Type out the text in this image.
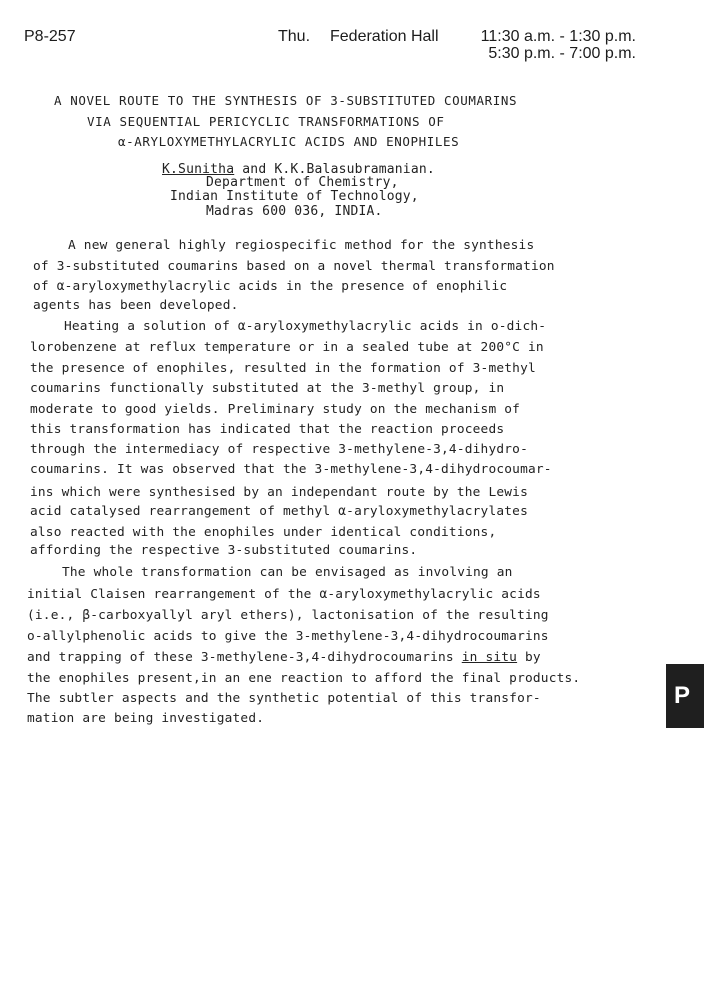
P8-257	Thu. Federation Hall	11:30 a.m. - 1:30 p.m.
5:30 p.m. - 7:00 p.m.
A NOVEL ROUTE TO THE SYNTHESIS OF 3-SUBSTITUTED COUMARINS
VIA SEQUENTIAL PERICYCLIC TRANSFORMATIONS OF
α-ARYLOXYMETHYLACRYLIC ACIDS AND ENOPHILES
K.Sunitha and K.K.Balasubramanian.
Department of Chemistry,
Indian Institute of Technology,
Madras 600 036, INDIA.
A new general highly regiospecific method for the synthesis
of 3-substituted coumarins based on a novel thermal transformation
of α-aryloxymethylacrylic acids in the presence of enophilic
agents has been developed.
Heating a solution of α-aryloxymethylacrylic acids in o-dich-
lorobenzene at reflux temperature or in a sealed tube at 200°C in
the presence of enophiles, resulted in the formation of 3-methyl
coumarins functionally substituted at the 3-methyl group, in
moderate to good yields. Preliminary study on the mechanism of
this transformation has indicated that the reaction proceeds
through the intermediacy of respective 3-methylene-3,4-dihydro-
coumarins. It was observed that the 3-methylene-3,4-dihydrocoumar-
ins which were synthesised by an independant route by the Lewis
acid catalysed rearrangement of methyl α-aryloxymethylacrylates
also reacted with the enophiles under identical conditions,
affording the respective 3-substituted coumarins.
The whole transformation can be envisaged as involving an
initial Claisen rearrangement of the α-aryloxymethylacrylic acids
(i.e., β-carboxyallyl aryl ethers), lactonisation of the resulting
o-allylphenolic acids to give the 3-methylene-3,4-dihydrocoumarins
and trapping of these 3-methylene-3,4-dihydrocoumarins in situ by
the enophiles present,in an ene reaction to afford the final products.
The subtler aspects and the synthetic potential of this transfor-
mation are being investigated.
P
